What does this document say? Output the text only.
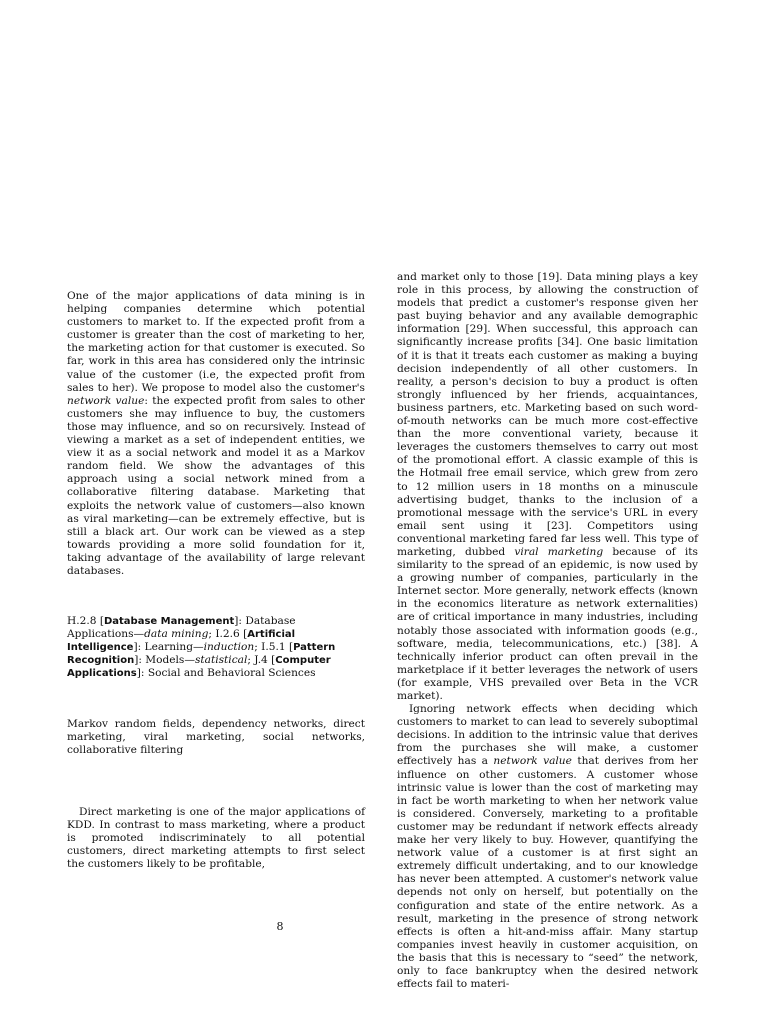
One of the major applications of data mining is in helping companies determine which potential customers to market to. If the expected profit from a customer is greater than the cost of marketing to her, the marketing action for that customer is executed. So far, work in this area has considered only the intrinsic value of the customer (i.e, the expected profit from sales to her). We propose to model also the customer's network value: the expected profit from sales to other customers she may influence to buy, the customers those may influence, and so on recursively. Instead of viewing a market as a set of independent entities, we view it as a social network and model it as a Markov random field. We show the advantages of this approach using a social network mined from a collaborative filtering database. Marketing that exploits the network value of customers—also known as viral marketing—can be extremely effective, but is still a black art. Our work can be viewed as a step towards providing a more solid foundation for it, taking advantage of the availability of large relevant databases.

H.2.8 [Database Management]: Database Applications—data mining; I.2.6 [Artificial Intelligence]: Learning—induction; I.5.1 [Pattern Recognition]: Models—statistical; J.4 [Computer Applications]: Social and Behavioral Sciences

Markov random fields, dependency networks, direct marketing, viral marketing, social networks, collaborative filtering

Direct marketing is one of the major applications of KDD. In contrast to mass marketing, where a product is promoted indiscriminately to all potential customers, direct marketing attempts to first select the customers likely to be profitable,

and market only to those [19]. Data mining plays a key role in this process, by allowing the construction of models that predict a customer's response given her past buying behavior and any available demographic information [29]. When successful, this approach can significantly increase profits [34]. One basic limitation of it is that it treats each customer as making a buying decision independently of all other customers. In reality, a person's decision to buy a product is often strongly influenced by her friends, acquaintances, business partners, etc. Marketing based on such word-of-mouth networks can be much more cost-effective than the more conventional variety, because it leverages the customers themselves to carry out most of the promotional effort. A classic example of this is the Hotmail free email service, which grew from zero to 12 million users in 18 months on a minuscule advertising budget, thanks to the inclusion of a promotional message with the service's URL in every email sent using it [23]. Competitors using conventional marketing fared far less well. This type of marketing, dubbed viral marketing because of its similarity to the spread of an epidemic, is now used by a growing number of companies, particularly in the Internet sector. More generally, network effects (known in the economics literature as network externalities) are of critical importance in many industries, including notably those associated with information goods (e.g., software, media, telecommunications, etc.) [38]. A technically inferior product can often prevail in the marketplace if it better leverages the network of users (for example, VHS prevailed over Beta in the VCR market).

Ignoring network effects when deciding which customers to market to can lead to severely suboptimal decisions. In addition to the intrinsic value that derives from the purchases she will make, a customer effectively has a network value that derives from her influence on other customers. A customer whose intrinsic value is lower than the cost of marketing may in fact be worth marketing to when her network value is considered. Conversely, marketing to a profitable customer may be redundant if network effects already make her very likely to buy. However, quantifying the network value of a customer is at first sight an extremely difficult undertaking, and to our knowledge has never been attempted. A customer's network value depends not only on herself, but potentially on the configuration and state of the entire network. As a result, marketing in the presence of strong network effects is often a hit-and-miss affair. Many startup companies invest heavily in customer acquisition, on the basis that this is necessary to “seed” the network, only to face bankruptcy when the desired network effects fail to materi-

8
